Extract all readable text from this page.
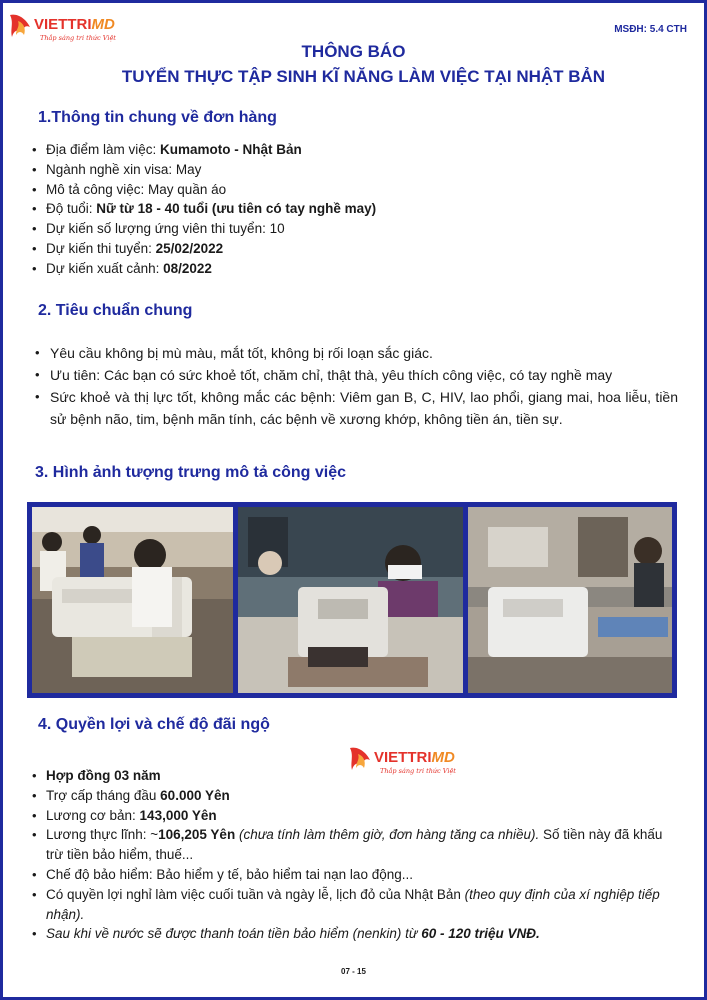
VIETTRIMD
Thắp sáng tri thức Việt
MSĐH: 5.4 CTH
THÔNG BÁO
TUYỂN THỰC TẬP SINH KĨ NĂNG LÀM VIỆC TẠI NHẬT BẢN
1.Thông tin chung về đơn hàng
• Địa điểm làm việc: Kumamoto - Nhật Bản
• Ngành nghề xin visa: May
• Mô tả công việc: May quần áo
• Độ tuổi: Nữ từ 18 - 40 tuổi (ưu tiên có tay nghề may)
• Dự kiến số lượng ứng viên thi tuyển: 10
• Dự kiến thi tuyển: 25/02/2022
• Dự kiến xuất cảnh: 08/2022
2. Tiêu chuẩn chung
• Yêu cầu không bị mù màu, mắt tốt, không bị rối loạn sắc giác.
• Ưu tiên: Các bạn có sức khoẻ tốt, chăm chỉ, thật thà, yêu thích công việc, có tay nghề may
• Sức khoẻ và thị lực tốt, không mắc các bệnh: Viêm gan B, C, HIV, lao phổi, giang mai, hoa liễu, tiền sử bệnh não, tim, bệnh mãn tính, các bệnh về xương khớp, không tiền án, tiền sự.
3. Hình ảnh tượng trưng mô tả công việc
4. Quyền lợi và chế độ đãi ngộ
VIETTRIMD
Thắp sáng tri thức Việt
• Hợp đồng 03 năm
• Trợ cấp tháng đầu 60.000 Yên
• Lương cơ bản: 143,000 Yên
• Lương thực lĩnh: ~106,205 Yên (chưa tính làm thêm giờ, đơn hàng tăng ca nhiều). Số tiền này đã khấu trừ tiền bảo hiểm, thuế...
• Chế độ bảo hiểm: Bảo hiểm y tế, bảo hiểm tai nạn lao động...
• Có quyền lợi nghỉ làm việc cuối tuần và ngày lễ, lịch đỏ của Nhật Bản (theo quy định của xí nghiệp tiếp nhận).
• Sau khi về nước sẽ được thanh toán tiền bảo hiểm (nenkin) từ 60 - 120 triệu VNĐ.
07 - 15
